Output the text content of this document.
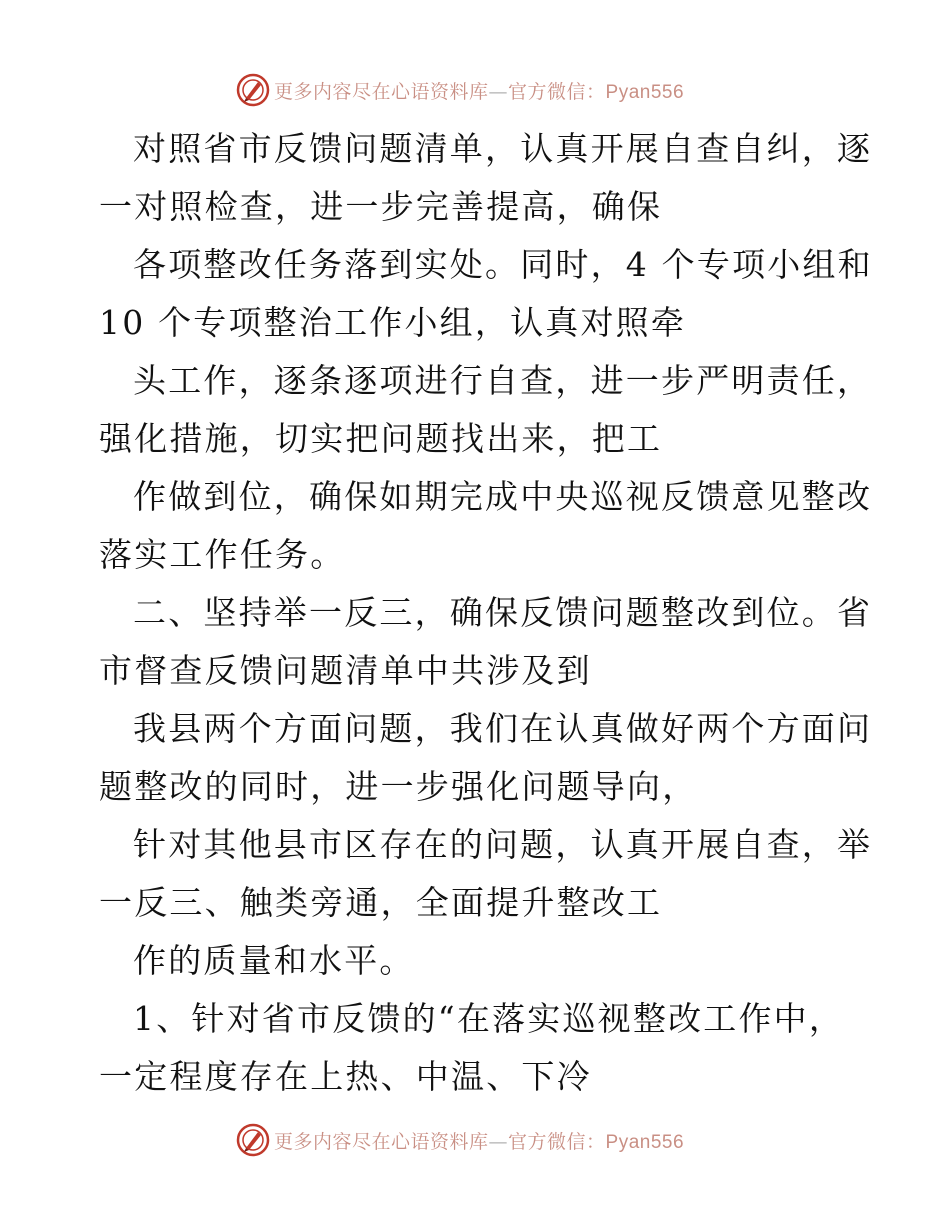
更多内容尽在心语资料库—官方微信：Pyan556

对照省市反馈问题清单，认真开展自查自纠，逐
一对照检查，进一步完善提高，确保

各项整改任务落到实处。同时，4 个专项小组和
10 个专项整治工作小组，认真对照牵

头工作，逐条逐项进行自查，进一步严明责任，
强化措施，切实把问题找出来，把工

作做到位，确保如期完成中央巡视反馈意见整改
落实工作任务。

二、坚持举一反三，确保反馈问题整改到位。省
市督查反馈问题清单中共涉及到

我县两个方面问题，我们在认真做好两个方面问
题整改的同时，进一步强化问题导向，

针对其他县市区存在的问题，认真开展自查，举
一反三、触类旁通，全面提升整改工

作的质量和水平。

1、针对省市反馈的“在落实巡视整改工作中，
一定程度存在上热、中温、下冷

更多内容尽在心语资料库—官方微信：Pyan556
